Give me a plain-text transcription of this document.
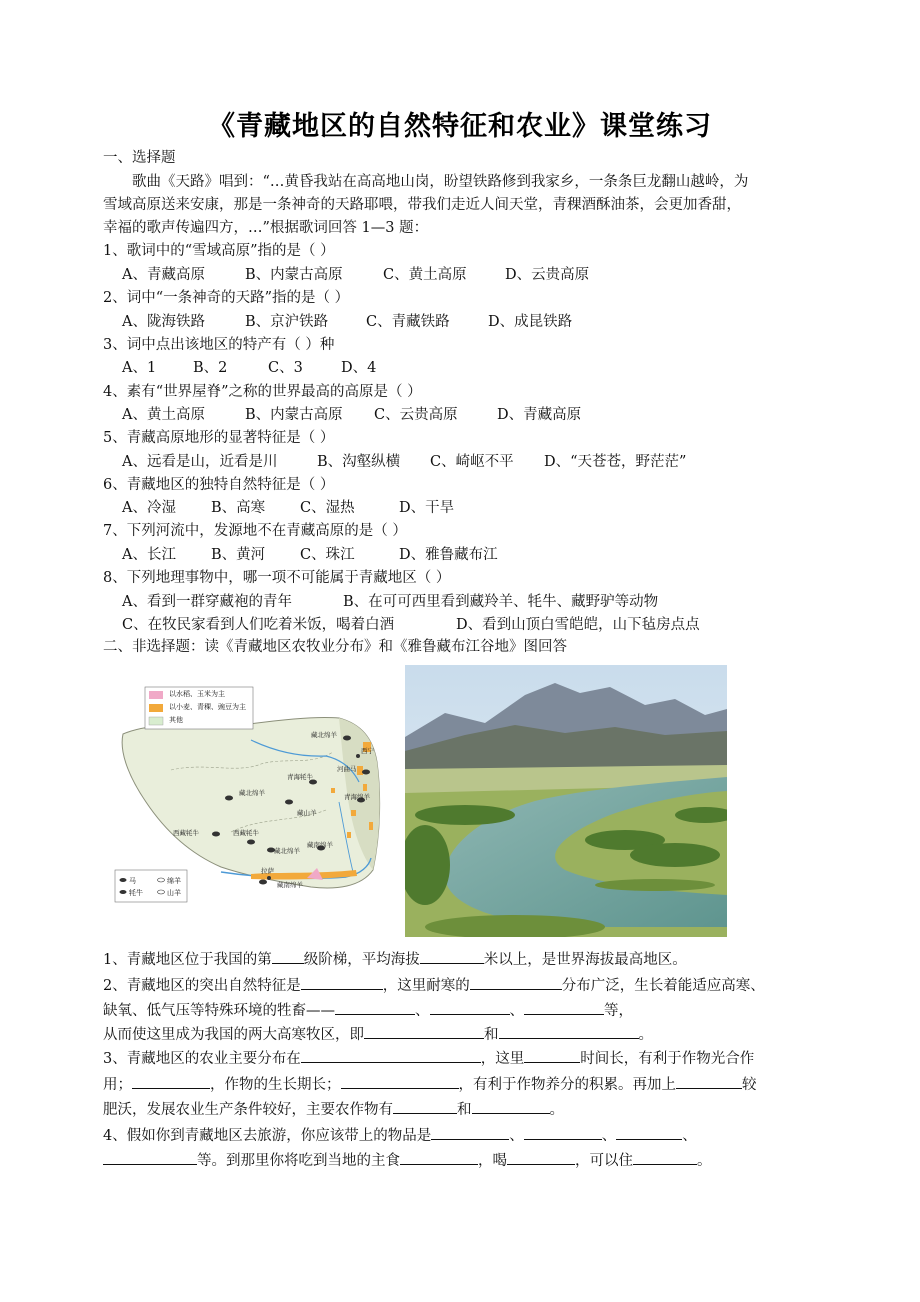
《青藏地区的自然特征和农业》课堂练习
一、选择题
歌曲《天路》唱到：“…黄昏我站在高高地山岗，盼望铁路修到我家乡，一条条巨龙翻山越岭，为
雪域高原送来安康，那是一条神奇的天路耶喂，带我们走近人间天堂，青稞酒酥油茶，会更加香甜，
幸福的歌声传遍四方，…”根据歌词回答 1—3 题：
1、歌词中的“雪域高原”指的是（ ）
A、青藏高原	B、内蒙古高原	C、黄土高原	D、云贵高原
2、词中“一条神奇的天路”指的是（ ）
A、陇海铁路	B、京沪铁路	C、青藏铁路	D、成昆铁路
3、词中点出该地区的特产有（ ）种
A、1	B、2	C、3	D、4
4、素有“世界屋脊”之称的世界最高的高原是（ ）
A、黄土高原	B、内蒙古高原 C、云贵高原	D、青藏高原
5、青藏高原地形的显著特征是（ ）
A、远看是山，近看是川	B、沟壑纵横 C、崎岖不平 D、“天苍苍，野茫茫”
6、青藏地区的独特自然特征是（ ）
A、冷湿 B、高寒 C、湿热	D、干旱
7、下列河流中，发源地不在青藏高原的是（ ）
A、长江 B、黄河 C、珠江	D、雅鲁藏布江
8、下列地理事物中，哪一项不可能属于青藏地区（ ）
A、看到一群穿藏袍的青年	B、在可可西里看到藏羚羊、牦牛、藏野驴等动物
C、在牧民家看到人们吃着米饭，喝着白酒	D、看到山顶白雪皑皑，山下毡房点点
二、非选择题：读《青藏地区农牧业分布》和《雅鲁藏布江谷地》图回答
以水稻、玉米为主
以小麦、青稞、豌豆为主
其他
藏北绵羊
西宁
青海牦牛
河曲马
藏北绵羊	青海绵羊
藏山羊
西藏牦牛	西藏牦牛
藏北绵羊
藏南绵羊
拉萨
藏南绵羊
马	绵羊
牦牛	山羊
1、青藏地区位于我国的第 级阶梯，平均海拔	米以上，是世界海拔最高地区。
2、青藏地区的突出自然特征是	，这里耐寒的	分布广泛，生长着能适应高寒、
缺氧、低气压等特殊环境的牲畜——	、	、	等，
从而使这里成为我国的两大高寒牧区，即	和	。
3、青藏地区的农业主要分布在	，这里	时间长，有利于作物光合作
用；	，作物的生长期长；	，有利于作物养分的积累。再加上	较
肥沃，发展农业生产条件较好，主要农作物有	和	。
4、假如你到青藏地区去旅游，你应该带上的物品是	、	、	、
等。到那里你将吃到当地的主食	，喝	，可以住	。
